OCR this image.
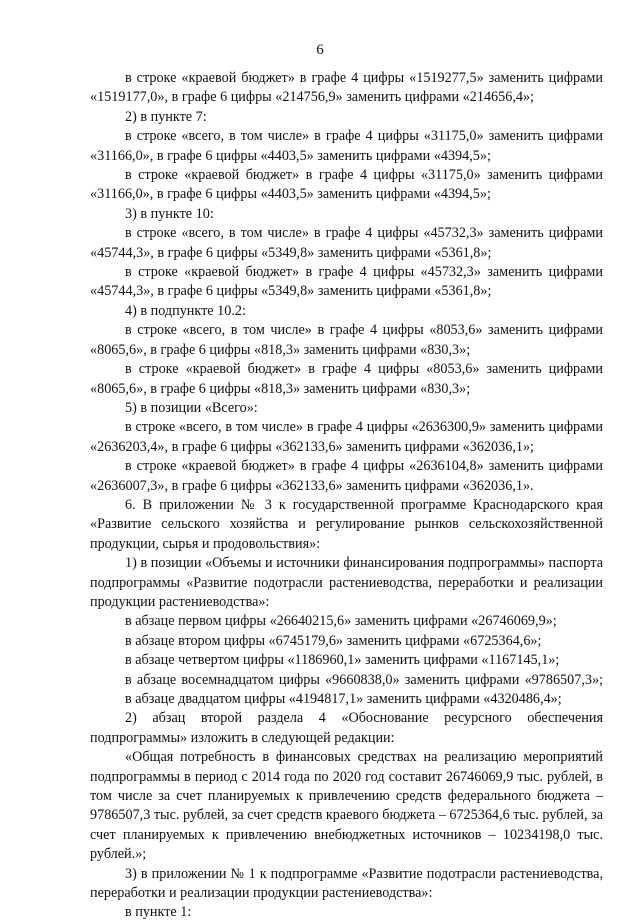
6

в строке «краевой бюджет» в графе 4 цифры «1519277,5» заменить цифрами «1519177,0», в графе 6 цифры «214756,9» заменить цифрами «214656,4»;

2) в пункте 7:

в строке «всего, в том числе» в графе 4 цифры «31175,0» заменить цифрами «31166,0», в графе 6 цифры «4403,5» заменить цифрами «4394,5»;

в строке «краевой бюджет» в графе 4 цифры «31175,0» заменить цифрами «31166,0», в графе 6 цифры «4403,5» заменить цифрами «4394,5»;

3) в пункте 10:

в строке «всего, в том числе» в графе 4 цифры «45732,3» заменить цифрами «45744,3», в графе 6 цифры «5349,8» заменить цифрами «5361,8»;

в строке «краевой бюджет» в графе 4 цифры «45732,3» заменить цифрами «45744,3», в графе 6 цифры «5349,8» заменить цифрами «5361,8»;

4) в подпункте 10.2:

в строке «всего, в том числе» в графе 4 цифры «8053,6» заменить цифрами «8065,6», в графе 6 цифры «818,3» заменить цифрами «830,3»;

в строке «краевой бюджет» в графе 4 цифры «8053,6» заменить цифрами «8065,6», в графе 6 цифры «818,3» заменить цифрами «830,3»;

5) в позиции «Всего»:

в строке «всего, в том числе» в графе 4 цифры «2636300,9» заменить цифрами «2636203,4», в графе 6 цифры «362133,6» заменить цифрами «362036,1»;

в строке «краевой бюджет» в графе 4 цифры «2636104,8» заменить цифрами «2636007,3», в графе 6 цифры «362133,6» заменить цифрами «362036,1».

6. В приложении № 3 к государственной программе Краснодарского края «Развитие сельского хозяйства и регулирование рынков сельскохозяйственной продукции, сырья и продовольствия»:

1) в позиции «Объемы и источники финансирования подпрограммы» паспорта подпрограммы «Развитие подотрасли растениеводства, переработки и реализации продукции растениеводства»:

в абзаце первом цифры «26640215,6» заменить цифрами «26746069,9»;

в абзаце втором цифры «6745179,6» заменить цифрами «6725364,6»;

в абзаце четвертом цифры «1186960,1» заменить цифрами «1167145,1»;

в абзаце восемнадцатом цифры «9660838,0» заменить цифрами «9786507,3»;

в абзаце двадцатом цифры «4194817,1» заменить цифрами «4320486,4»;

2) абзац второй раздела 4 «Обоснование ресурсного обеспечения подпрограммы» изложить в следующей редакции:

«Общая потребность в финансовых средствах на реализацию мероприятий подпрограммы в период с 2014 года по 2020 год составит 26746069,9 тыс. рублей, в том числе за счет планируемых к привлечению средств федерального бюджета – 9786507,3 тыс. рублей, за счет средств краевого бюджета – 6725364,6 тыс. рублей, за счет планируемых к привлечению внебюджетных источников – 10234198,0 тыс. рублей.»;

3) в приложении № 1 к подпрограмме «Развитие подотрасли растениеводства, переработки и реализации продукции растениеводства»:

в пункте 1:
